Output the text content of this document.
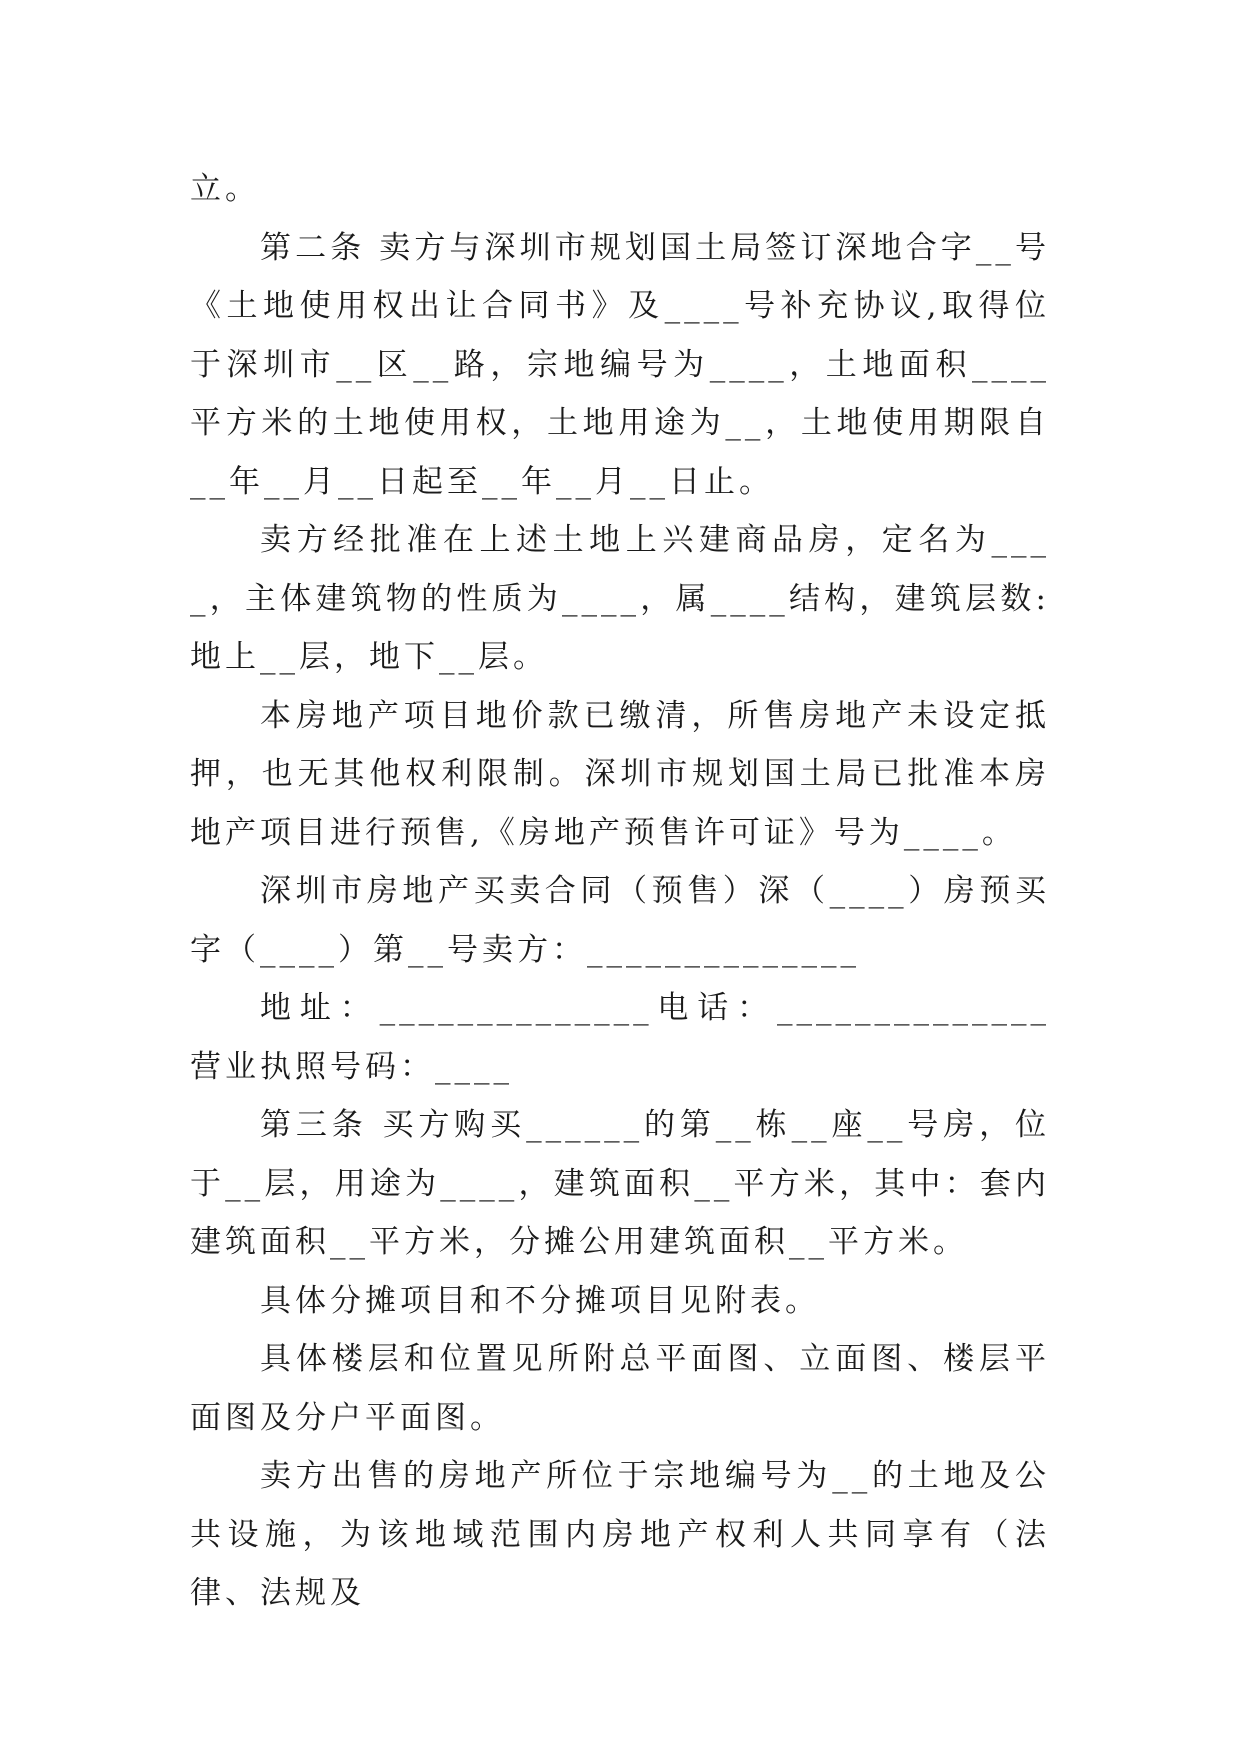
立。

第二条 卖方与深圳市规划国土局签订深地合字__号《土地使用权出让合同书》及____号补充协议,取得位于深圳市__区__路，宗地编号为____，土地面积____平方米的土地使用权，土地用途为__，土地使用期限自__年__月__日起至__年__月__日止。

卖方经批准在上述土地上兴建商品房，定名为____，主体建筑物的性质为____，属____结构，建筑层数:地上__层，地下__层。

本房地产项目地价款已缴清，所售房地产未设定抵押，也无其他权利限制。深圳市规划国土局已批准本房地产项目进行预售,《房地产预售许可证》号为____。

深圳市房地产买卖合同（预售）深（____）房预买字（____）第__号卖方：______________

地址：______________电话：______________ 营业执照号码：____

第三条 买方购买______的第__栋__座__号房，位于__层，用途为____，建筑面积__平方米，其中：套内建筑面积__平方米，分摊公用建筑面积__平方米。

具体分摊项目和不分摊项目见附表。

具体楼层和位置见所附总平面图、立面图、楼层平面图及分户平面图。

卖方出售的房地产所位于宗地编号为__的土地及公共设施，为该地域范围内房地产权利人共同享有（法律、法规及
